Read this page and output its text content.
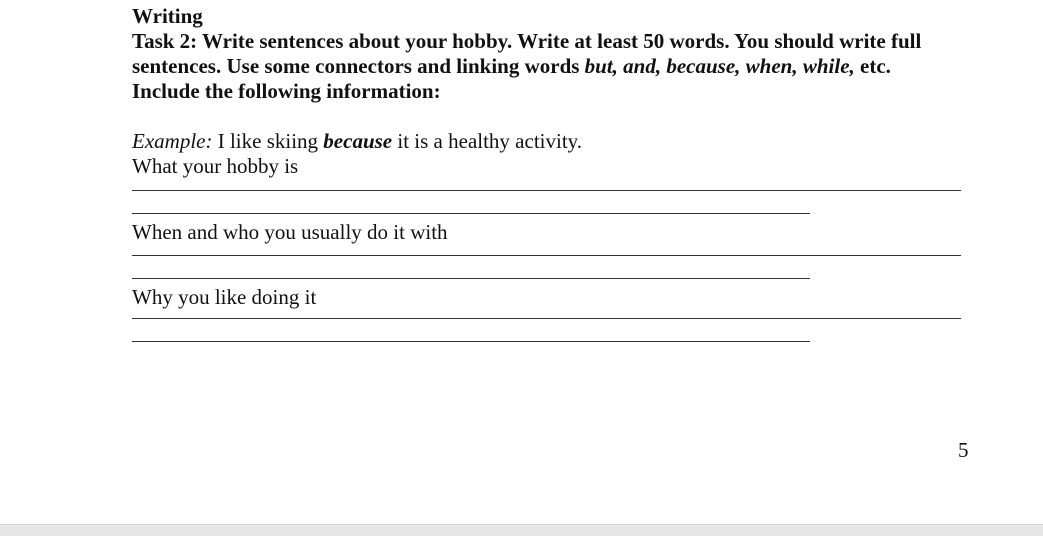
Writing

Task 2: Write sentences about your hobby. Write at least 50 words. You should write full

sentences. Use some connectors and linking words but, and, because, when, while, etc.

Include the following information:

Example: I like skiing because it is a healthy activity.

What your hobby is

When and who you usually do it with

Why you like doing it

5
